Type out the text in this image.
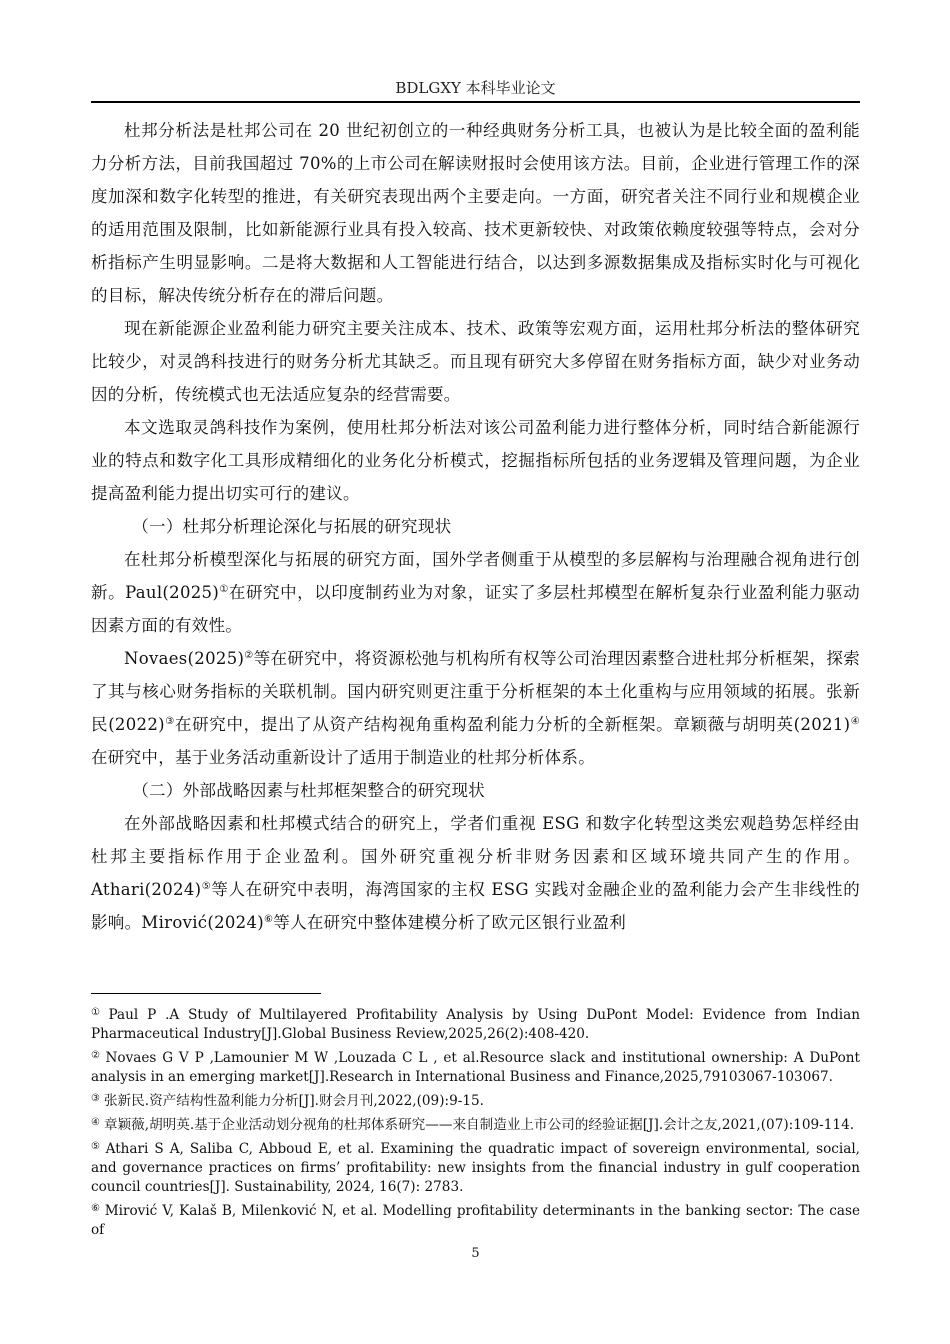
BDLGXY 本科毕业论文

杜邦分析法是杜邦公司在 20 世纪初创立的一种经典财务分析工具，也被认为是比较全面的盈利能力分析方法，目前我国超过 70%的上市公司在解读财报时会使用该方法。目前，企业进行管理工作的深度加深和数字化转型的推进，有关研究表现出两个主要走向。一方面，研究者关注不同行业和规模企业的适用范围及限制，比如新能源行业具有投入较高、技术更新较快、对政策依赖度较强等特点，会对分析指标产生明显影响。二是将大数据和人工智能进行结合，以达到多源数据集成及指标实时化与可视化的目标，解决传统分析存在的滞后问题。

现在新能源企业盈利能力研究主要关注成本、技术、政策等宏观方面，运用杜邦分析法的整体研究比较少，对灵鸽科技进行的财务分析尤其缺乏。而且现有研究大多停留在财务指标方面，缺少对业务动因的分析，传统模式也无法适应复杂的经营需要。

本文选取灵鸽科技作为案例，使用杜邦分析法对该公司盈利能力进行整体分析，同时结合新能源行业的特点和数字化工具形成精细化的业务化分析模式，挖掘指标所包括的业务逻辑及管理问题，为企业提高盈利能力提出切实可行的建议。

（一）杜邦分析理论深化与拓展的研究现状

在杜邦分析模型深化与拓展的研究方面，国外学者侧重于从模型的多层解构与治理融合视角进行创新。Paul(2025)①在研究中，以印度制药业为对象，证实了多层杜邦模型在解析复杂行业盈利能力驱动因素方面的有效性。

Novaes(2025)②等在研究中，将资源松弛与机构所有权等公司治理因素整合进杜邦分析框架，探索了其与核心财务指标的关联机制。国内研究则更注重于分析框架的本土化重构与应用领域的拓展。张新民(2022)③在研究中，提出了从资产结构视角重构盈利能力分析的全新框架。章颖薇与胡明英(2021)④在研究中，基于业务活动重新设计了适用于制造业的杜邦分析体系。

（二）外部战略因素与杜邦框架整合的研究现状

在外部战略因素和杜邦模式结合的研究上，学者们重视 ESG 和数字化转型这类宏观趋势怎样经由杜邦主要指标作用于企业盈利。国外研究重视分析非财务因素和区域环境共同产生的作用。Athari(2024)⑤等人在研究中表明，海湾国家的主权 ESG 实践对金融企业的盈利能力会产生非线性的影响。Mirović(2024)⑥等人在研究中整体建模分析了欧元区银行业盈利

① Paul P .A Study of Multilayered Profitability Analysis by Using DuPont Model: Evidence from Indian Pharmaceutical Industry[J].Global Business Review,2025,26(2):408-420.

② Novaes G V P ,Lamounier M W ,Louzada C L , et al.Resource slack and institutional ownership: A DuPont analysis in an emerging market[J].Research in International Business and Finance,2025,79103067-103067.

③ 张新民.资产结构性盈利能力分析[J].财会月刊,2022,(09):9-15.

④ 章颖薇,胡明英.基于企业活动划分视角的杜邦体系研究——来自制造业上市公司的经验证据[J].会计之友,2021,(07):109-114.

⑤ Athari S A, Saliba C, Abboud E, et al. Examining the quadratic impact of sovereign environmental, social, and governance practices on firms’ profitability: new insights from the financial industry in gulf cooperation council countries[J]. Sustainability, 2024, 16(7): 2783.

⑥ Mirović V, Kalaš B, Milenković N, et al. Modelling profitability determinants in the banking sector: The case of

5
